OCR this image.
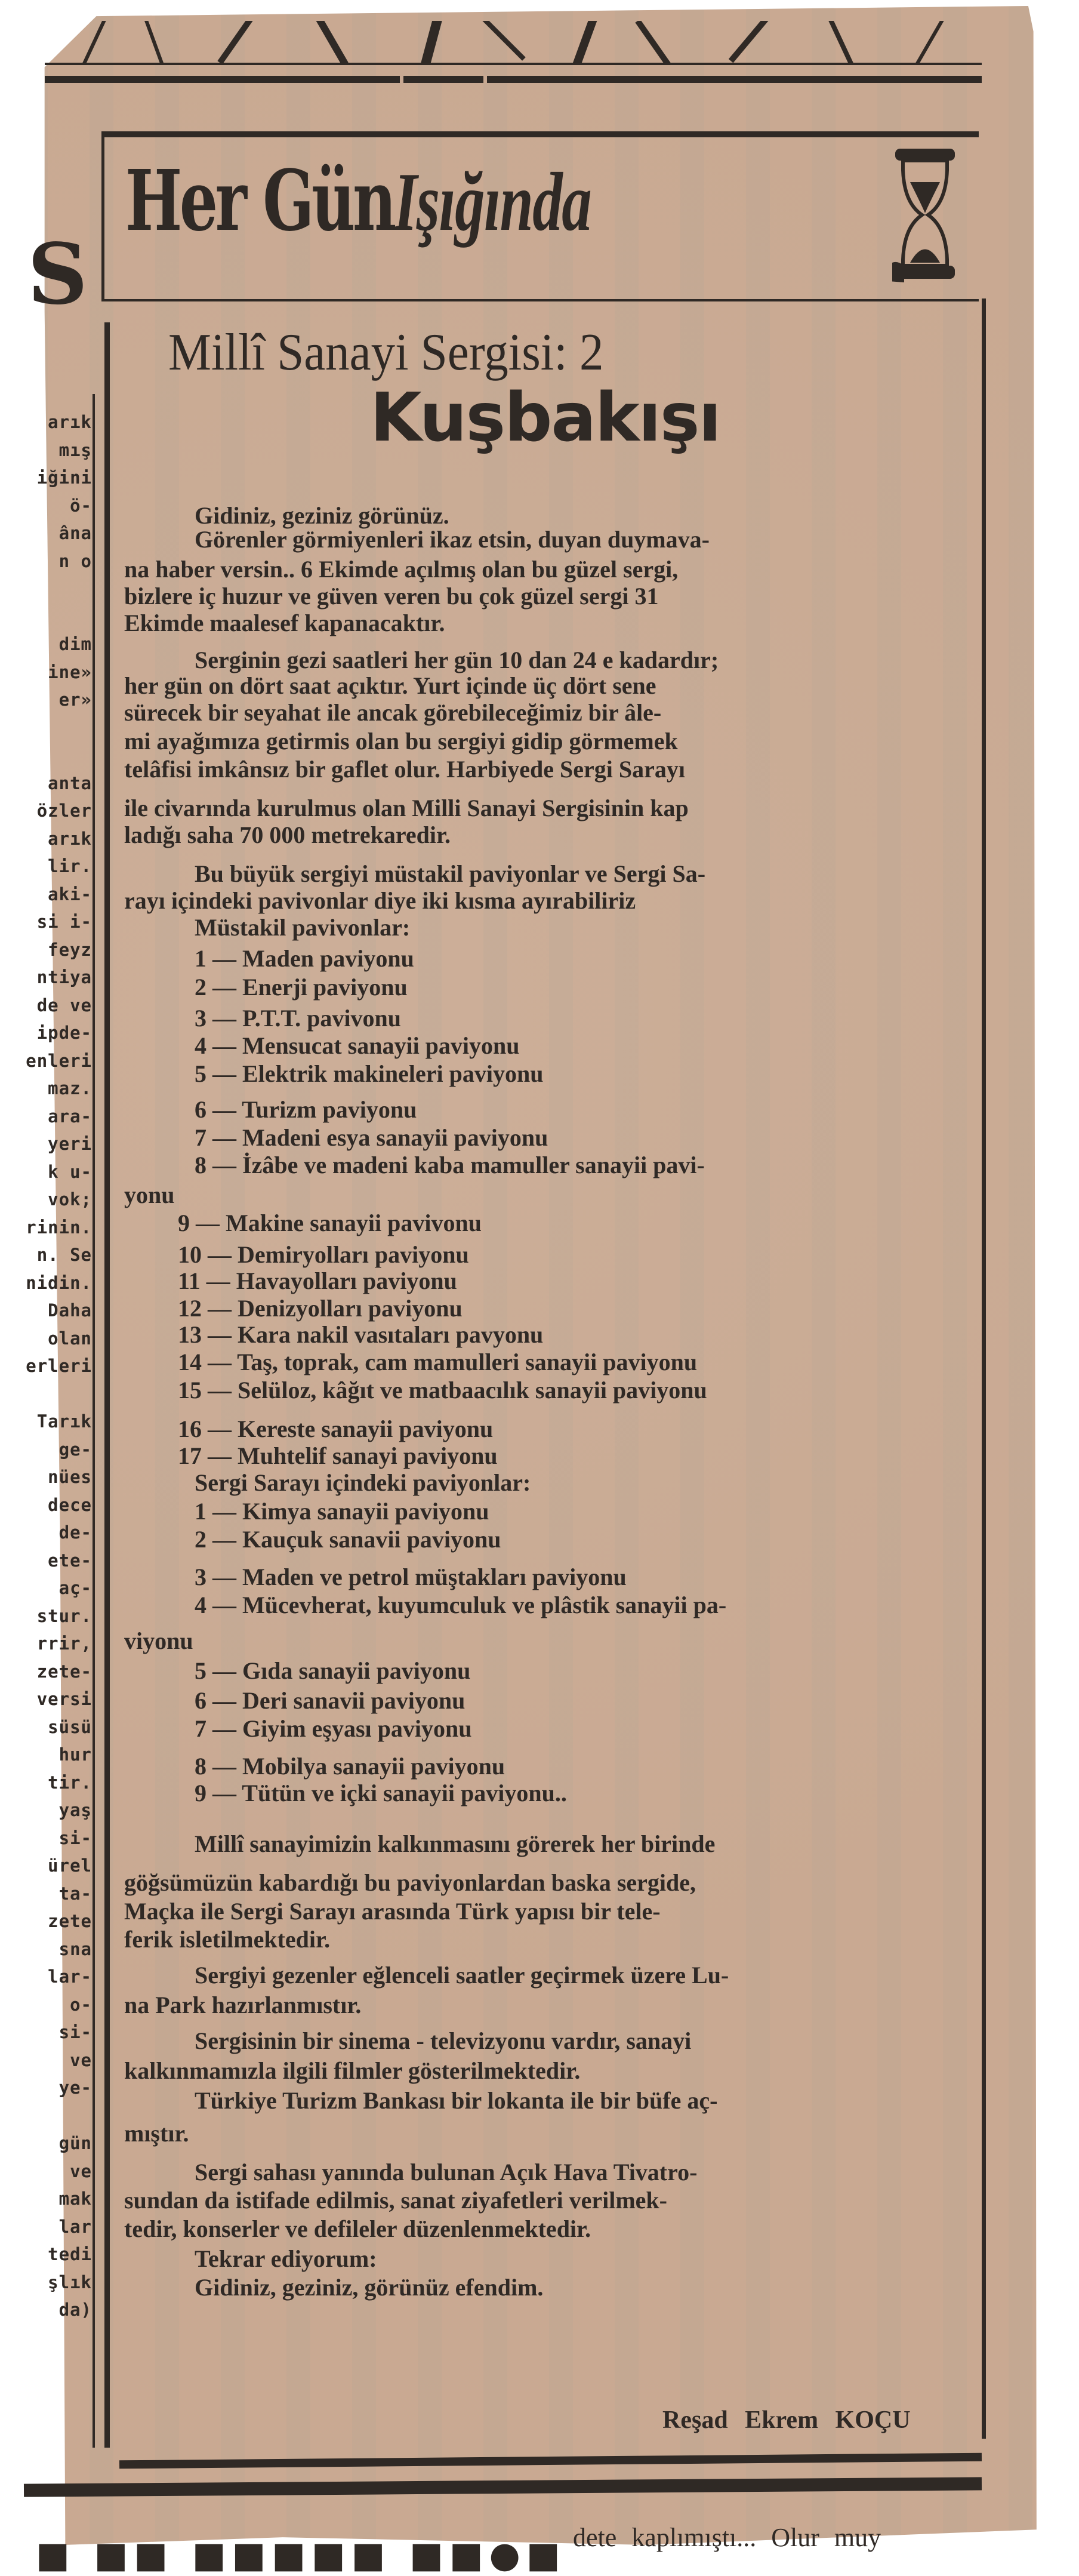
S
arık
mış
iğini
ö-
âna
n o
dim
ine»
er»
anta
özler
arık
lir.
aki-
si i-
feyz
ntiya
de ve
ipde-
enleri
maz.
ara-
yeri
k u-
vok;
rinin.
n. Se
nidin.
Daha
olan
erleri
Tarık
ge-
nües
dece
de-
ete-
aç-
stur.
rrir,
zete-
versi
süsü
hur
tir.
yaş
si-
ürel
ta-
zete
sna
lar-
o-
si-
ve
ye-
gün
ve
mak
lar
tedi
şlık
da)
Her GünIşığında
Millî Sanayi Sergisi: 2
Kuşbakışı
Gidiniz, geziniz görünüz.
Görenler görmiyenleri ikaz etsin, duyan duymava-
na haber versin.. 6 Ekimde açılmış olan bu güzel sergi,
bizlere iç huzur ve güven veren bu çok güzel sergi 31
Ekimde maalesef kapanacaktır.
Serginin gezi saatleri her gün 10 dan 24 e kadardır;
her gün on dört saat açıktır. Yurt içinde üç dört sene
sürecek bir seyahat ile ancak görebileceğimiz bir âle-
mi ayağımıza getirmis olan bu sergiyi gidip görmemek
telâfisi imkânsız bir gaflet olur. Harbiyede Sergi Sarayı
ile civarında kurulmus olan Milli Sanayi Sergisinin kap
ladığı saha 70 000 metrekaredir.
Bu büyük sergiyi müstakil paviyonlar ve Sergi Sa-
rayı içindeki pavivonlar diye iki kısma ayırabiliriz
Müstakil pavivonlar:
1 — Maden paviyonu
2 — Enerji paviyonu
3 — P.T.T. pavivonu
4 — Mensucat sanayii paviyonu
5 — Elektrik makineleri paviyonu
6 — Turizm paviyonu
7 — Madeni esya sanayii paviyonu
8 — İzâbe ve madeni kaba mamuller sanayii pavi-
yonu
9 — Makine sanayii pavivonu
10 — Demiryolları paviyonu
11 — Havayolları paviyonu
12 — Denizyolları paviyonu
13 — Kara nakil vasıtaları pavyonu
14 — Taş, toprak, cam mamulleri sanayii paviyonu
15 — Selüloz, kâğıt ve matbaacılık sanayii paviyonu
16 — Kereste sanayii paviyonu
17 — Muhtelif sanayi paviyonu
Sergi Sarayı içindeki paviyonlar:
1 — Kimya sanayii paviyonu
2 — Kauçuk sanavii paviyonu
3 — Maden ve petrol müştakları paviyonu
4 — Mücevherat, kuyumculuk ve plâstik sanayii pa-
viyonu
5 — Gıda sanayii paviyonu
6 — Deri sanavii paviyonu
7 — Giyim eşyası paviyonu
8 — Mobilya sanayii paviyonu
9 — Tütün ve içki sanayii paviyonu..
Millî sanayimizin kalkınmasını görerek her birinde
göğsümüzün kabardığı bu paviyonlardan baska sergide,
Maçka ile Sergi Sarayı arasında Türk yapısı bir tele-
ferik isletilmektedir.
Sergiyi gezenler eğlenceli saatler geçirmek üzere Lu-
na Park hazırlanmıstır.
Sergisinin bir sinema - televizyonu vardır, sanayi
kalkınmamızla ilgili filmler gösterilmektedir.
Türkiye Turizm Bankası bir lokanta ile bir büfe aç-
mıştır.
Sergi sahası yanında bulunan Açık Hava Tivatro-
sundan da istifade edilmis, sanat ziyafetleri verilmek-
tedir, konserler ve defileler düzenlenmektedir.
Tekrar ediyorum:
Gidiniz, geziniz, görünüz efendim.
Reşad Ekrem KOÇU
■ ■■ ■■■■■ ■■●■ dete kaplımıştı... Olur muy
